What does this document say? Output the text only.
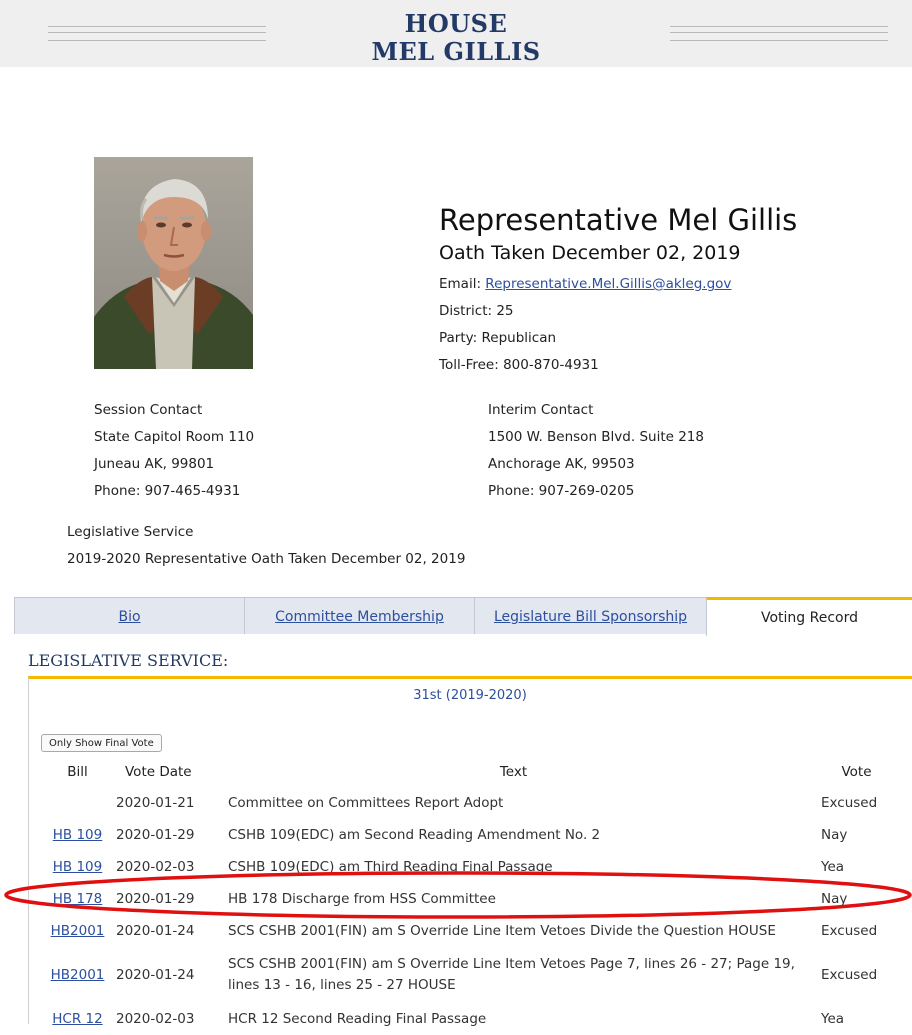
HOUSE
MEL GILLIS
Representative Mel Gillis
Oath Taken December 02, 2019
Email: Representative.Mel.Gillis@akleg.gov
District: 25
Party: Republican
Toll-Free: 800-870-4931
Session Contact
State Capitol Room 110
Juneau AK, 99801
Phone: 907-465-4931
Interim Contact
1500 W. Benson Blvd. Suite 218
Anchorage AK, 99503
Phone: 907-269-0205
Legislative Service
2019-2020 Representative Oath Taken December 02, 2019
Bio	Committee Membership	Legislature Bill Sponsorship	Voting Record
LEGISLATIVE SERVICE:
31st (2019-2020)
Only Show Final Vote
Bill	Vote Date	Text	Vote
	2020-01-21	Committee on Committees Report Adopt	Excused
HB 109	2020-01-29	CSHB 109(EDC) am Second Reading Amendment No. 2	Nay
HB 109	2020-02-03	CSHB 109(EDC) am Third Reading Final Passage	Yea
HB 178	2020-01-29	HB 178 Discharge from HSS Committee	Nay
HB2001	2020-01-24	SCS CSHB 2001(FIN) am S Override Line Item Vetoes Divide the Question HOUSE	Excused
HB2001	2020-01-24	SCS CSHB 2001(FIN) am S Override Line Item Vetoes Page 7, lines 26 - 27; Page 19, lines 13 - 16, lines 25 - 27 HOUSE	Excused
HCR 12	2020-02-03	HCR 12 Second Reading Final Passage	Yea
